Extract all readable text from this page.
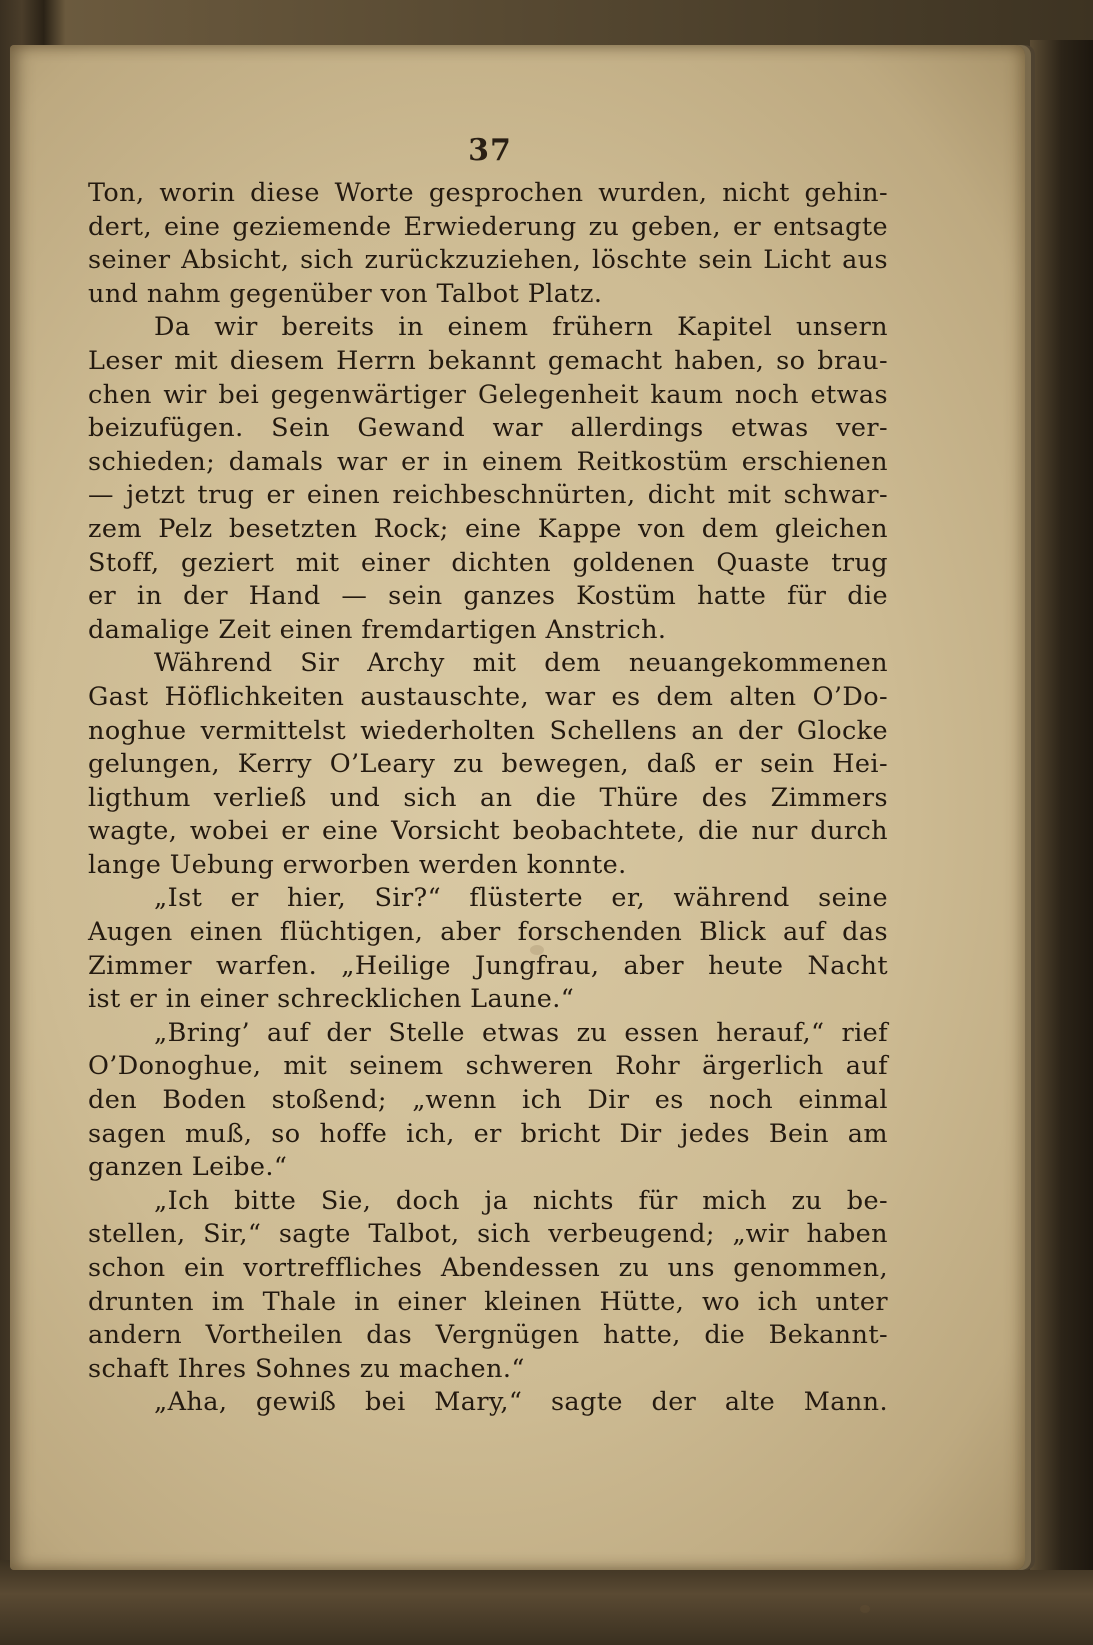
37
Ton, worin diese Worte gesprochen wurden, nicht gehin-
dert, eine geziemende Erwiederung zu geben, er entsagte
seiner Absicht, sich zurückzuziehen, löschte sein Licht aus
und nahm gegenüber von Talbot Platz.
Da wir bereits in einem frühern Kapitel unsern
Leser mit diesem Herrn bekannt gemacht haben, so brau-
chen wir bei gegenwärtiger Gelegenheit kaum noch etwas
beizufügen. Sein Gewand war allerdings etwas ver-
schieden; damals war er in einem Reitkostüm erschienen
— jetzt trug er einen reichbeschnürten, dicht mit schwar-
zem Pelz besetzten Rock; eine Kappe von dem gleichen
Stoff, geziert mit einer dichten goldenen Quaste trug
er in der Hand — sein ganzes Kostüm hatte für die
damalige Zeit einen fremdartigen Anstrich.
Während Sir Archy mit dem neuangekommenen
Gast Höflichkeiten austauschte, war es dem alten O’Do-
noghue vermittelst wiederholten Schellens an der Glocke
gelungen, Kerry O’Leary zu bewegen, daß er sein Hei-
ligthum verließ und sich an die Thüre des Zimmers
wagte, wobei er eine Vorsicht beobachtete, die nur durch
lange Uebung erworben werden konnte.
„Ist er hier, Sir?“ flüsterte er, während seine
Augen einen flüchtigen, aber forschenden Blick auf das
Zimmer warfen. „Heilige Jungfrau, aber heute Nacht
ist er in einer schrecklichen Laune.“
„Bring’ auf der Stelle etwas zu essen herauf,“ rief
O’Donoghue, mit seinem schweren Rohr ärgerlich auf
den Boden stoßend; „wenn ich Dir es noch einmal
sagen muß, so hoffe ich, er bricht Dir jedes Bein am
ganzen Leibe.“
„Ich bitte Sie, doch ja nichts für mich zu be-
stellen, Sir,“ sagte Talbot, sich verbeugend; „wir haben
schon ein vortreffliches Abendessen zu uns genommen,
drunten im Thale in einer kleinen Hütte, wo ich unter
andern Vortheilen das Vergnügen hatte, die Bekannt-
schaft Ihres Sohnes zu machen.“
„Aha, gewiß bei Mary,“ sagte der alte Mann.
